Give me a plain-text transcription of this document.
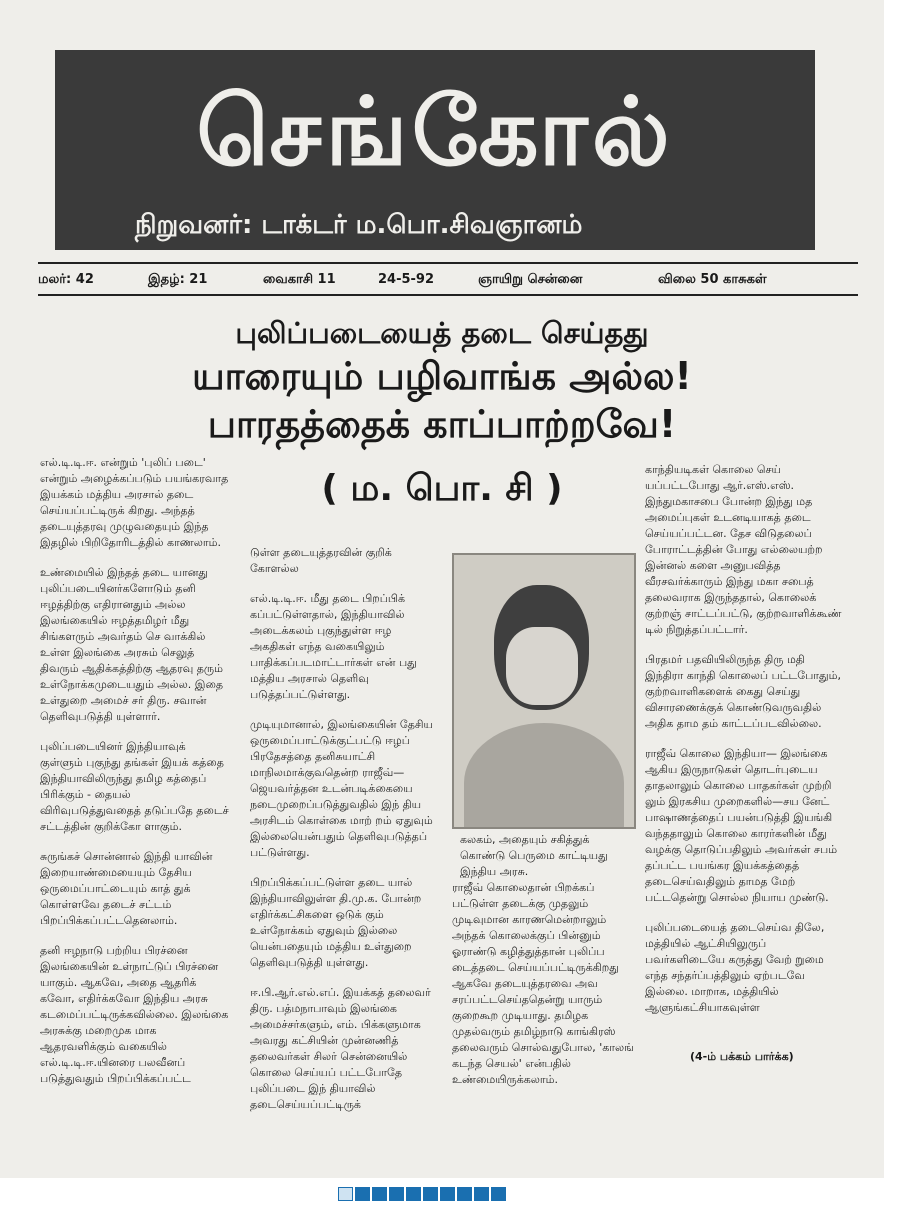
செங்கோல்
நிறுவனர்: டாக்டர் ம.பொ.சிவஞானம்
மலர்: 42	இதழ்: 21	வைகாசி 11	24-5-92	ஞாயிறு சென்னை	விலை 50 காசுகள்
புலிப்படையைத் தடை செய்தது
யாரையும் பழிவாங்க அல்ல!
பாரதத்தைக் காப்பாற்றவே!
( ம. பொ. சி )

எல்.டி.டி.ஈ. என்றும் 'புலிப் படை' என்றும் அழைக்கப்படும் பயங்கரவாத இயக்கம் மத்திய அரசால் தடை செய்யப்பட்டிருக் கிறது. அந்தத் தடையுத்தரவு முழுவதையும் இந்த இதழில் பிறிதோரிடத்தில் காணலாம்.

உண்மையில் இந்தத் தடை யானது புலிப்படையினர்களோடும் தனி ஈழத்திற்கு எதிரானதும் அல்ல இலங்கையில் ஈழத்தமிழர் மீது சிங்களரும் அவர்தம் செ வாக்கில் உள்ள இலங்கை அரசும் செலுத் திவரும் ஆதிக்கத்திற்கு ஆதரவு தரும் உள்நோக்கமுடையதும் அல்ல. இதை உள்துறை அமைச் சர் திரு. சவான் தெளிவுபடுத்தி யுள்ளார்.

புலிப்படையினர் இந்தியாவுக் குள்ளும் புகுந்து தங்கள் இயக் கத்தை இந்தியாவிலிருந்து தமிழ கத்தைப் பிரிக்கும் - தையல் விரிவுபடுத்துவதைத் தடுப்பதே தடைச் சட்டத்தின் குறிக்கோ ளாகும்.

சுருங்கச் சொன்னால் இந்தி யாவின் இறையாண்மையையும் தேசிய ஒருமைப்பாட்டையும் காத் துக் கொள்ளவே தடைச் சட்டம் பிறப்பிக்கப்பட்டதெனலாம்.

தனி ஈழநாடு பற்றிய பிரச்னை இலங்கையின் உள்நாட்டுப் பிரச்னை யாகும். ஆகவே, அதை ஆதரிக் கவோ, எதிர்க்கவோ இந்திய அரசு கடமைப்பட்டிருக்கவில்லை. இலங்கை அரசுக்கு மறைமுக மாக ஆதரவளிக்கும் வகையில் எல்.டி.டி.ஈ.யினரை பலவீனப் படுத்துவதும் பிறப்பிக்கப்பட்ட

டுள்ள தடையுத்தரவின் குறிக் கோளல்ல

எல்.டி.டி.ஈ. மீது தடை பிறப்பிக் கப்பட்டுள்ளதால், இந்தியாவில் அடைக்கலம் புகுந்துள்ள ஈழ அகதிகள் எந்த வகையிலும் பாதிக்கப்படமாட்டார்கள் என் பது மத்திய அரசால் தெளிவு படுத்தப்பட்டுள்ளது.

முடியுமானால், இலங்கையின் தேசிய ஒருமைப்பாட்டுக்குட்பட்டு ஈழப் பிரதேசத்தை தனிசுயாட்சி மாநிலமாக்குவதென்ற ராஜீவ்—ஜெயவர்த்தன உடன்படிக்கையை நடைமுறைப்படுத்துவதில் இந் திய அரசிடம் கொள்கை மாற் றம் ஏதுவும் இல்லையென்பதும் தெளிவுபடுத்தப் பட்டுள்ளது.

பிறப்பிக்கப்பட்டுள்ள தடை யால் இந்தியாவிலுள்ள தி.மு.க. போன்ற எதிர்க்கட்சிகளை ஒடுக் கும் உள்நோக்கம் ஏதுவும் இல்லை யென்பதையும் மத்திய உள்துறை தெளிவுபடுத்தி யுள்ளது.

ஈ.பி.ஆர்.எல்.எப். இயக்கத் தலைவர் திரு. பத்மநாபாவும் இலங்கை அமைச்சர்களும், எம். பிக்களுமாக அவரது கட்சியின் முன்னணித் தலைவர்கள் சிலர் சென்னையில் கொலை செய்யப் பட்டபோதே புலிப்படை இந் தியாவில் தடைசெய்யப்பட்டிருக்

கலகம், அதையும் சகித்துக் கொண்டு பெருமை காட்டியது இந்திய அரசு.

ராஜீவ் கொலைதான் பிறக்கப் பட்டுள்ள தடைக்கு முதலும் முடிவுமான காரணமென்றாலும் அந்தக் கொலைக்குப் பின்னும் ஓராண்டு கழித்துத்தான் புலிப்ப டைத்தடை செய்யப்பட்டிருக்கிறது ஆகவே தடையுத்தரவை அவ சரப்பட்டசெய்ததென்று யாரும் குறைகூற முடியாது. தமிழக முதல்வரும் தமிழ்நாடு காங்கிரஸ் தலைவரும் சொல்வதுபோல, 'காலங் கடந்த செயல்' என்பதில் உண்மையிருக்கலாம்.

காந்தியடிகள் கொலை செய் யப்பட்டபோது ஆர்.எஸ்.எஸ். இந்துமகாசபை போன்ற இந்து மத அமைப்புகள் உடனடியாகத் தடை செய்யப்பட்டன. தேச விடுதலைப் போராட்டத்தின் போது எல்லையற்ற இன்னல் களை அனுபவித்த வீரசவர்க்காரும் இந்து மகா சபைத் தலைவராக இருந்ததால், கொலைக் குற்றஞ் சாட்டப்பட்டு, குற்றவாளிக்கூண் டில் நிறுத்தப்பட்டார்.

பிரதமர் பதவியிலிருந்த திரு மதி இந்திரா காந்தி கொலைப் பட்டபோதும், குற்றவாளிகளைக் கைது செய்து விசாரணைக்குக் கொண்டுவருவதில் அதிக தாம தம் காட்டப்படவில்லை.

ராஜீவ் கொலை இந்தியா— இலங்கை ஆகிய இருநாடுகள் தொடர்புடைய தாதலாலும் கொலை பாதகர்கள் முற்றி லும் இரகசிய முறைகளில்—சய னேட் பாஷாணத்தைப் பயன்படுத்தி இயங்கி வந்ததாலும் கொலை காரர்களின் மீது வழக்கு தொடுப்பதிலும் அவர்கள் சபம் தப்பட்ட பயங்கர இயக்கத்தைத் தடைசெய்வதிலும் தாமத மேற் பட்டதென்று சொல்ல நியாய முண்டு.

புலிப்படையைத் தடைசெய்வ திலே, மத்தியில் ஆட்சியிலுருப் பவர்களிடையே கருத்து வேற் றுமை எந்த சந்தர்ப்பத்திலும் ஏற்படவே இல்லை. மாறாக, மத்தியில் ஆளுங்கட்சியாகவுள்ள

(4-ம் பக்கம் பார்க்க)
